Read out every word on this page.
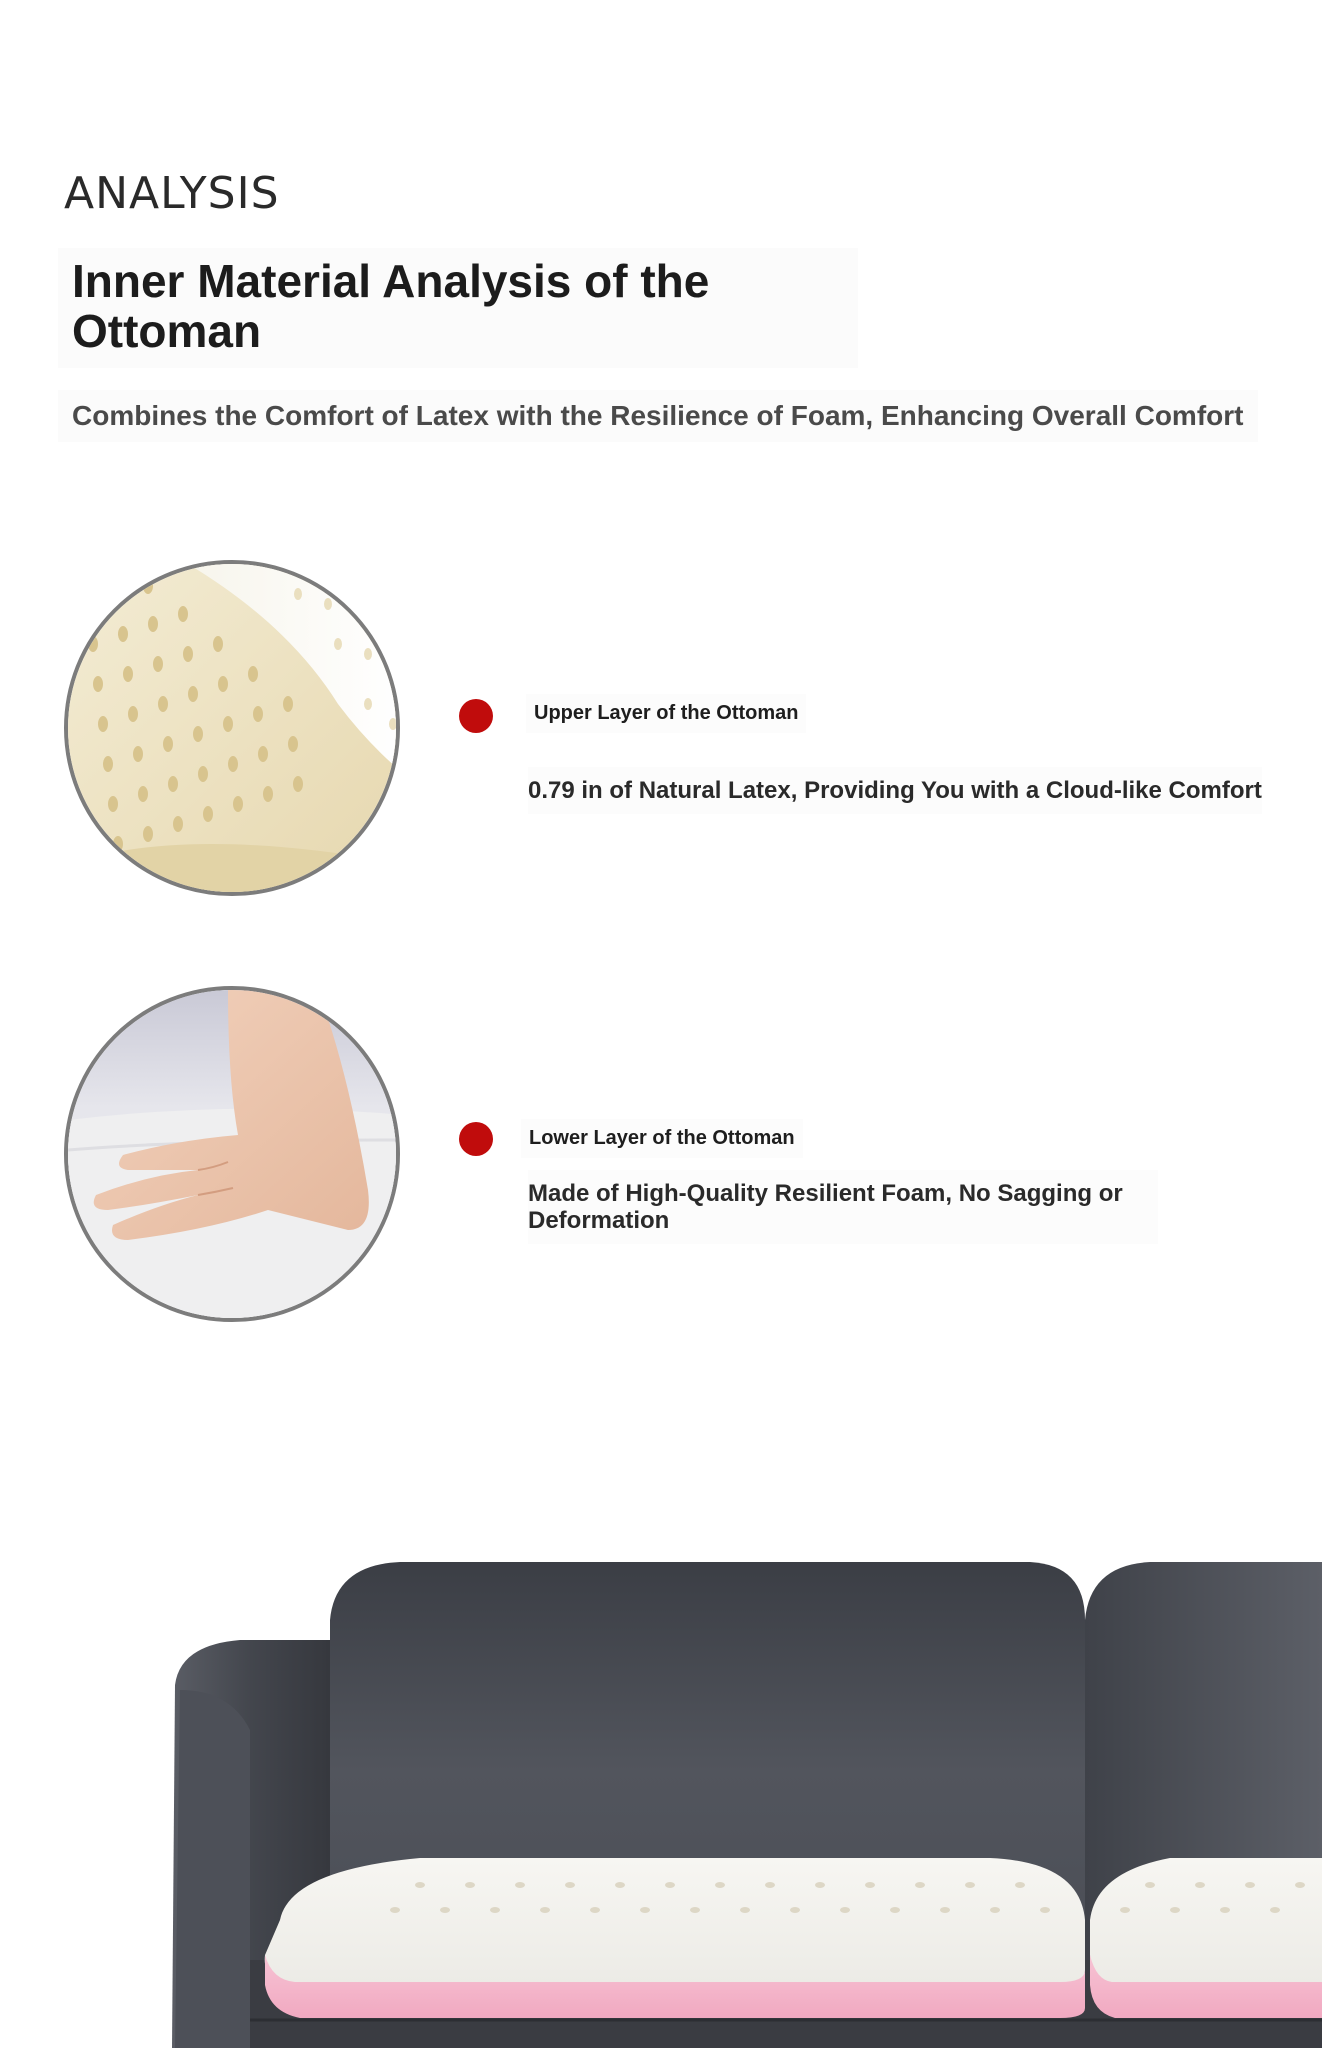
ANALYSIS
Inner Material Analysis of the Ottoman

Combines the Comfort of Latex with the Resilience of Foam, Enhancing Overall Comfort

Upper Layer of the Ottoman
0.79 in of Natural Latex, Providing You with a Cloud-like Comfort
Lower Layer of the Ottoman
Made of High-Quality Resilient Foam, No Sagging or Deformation
